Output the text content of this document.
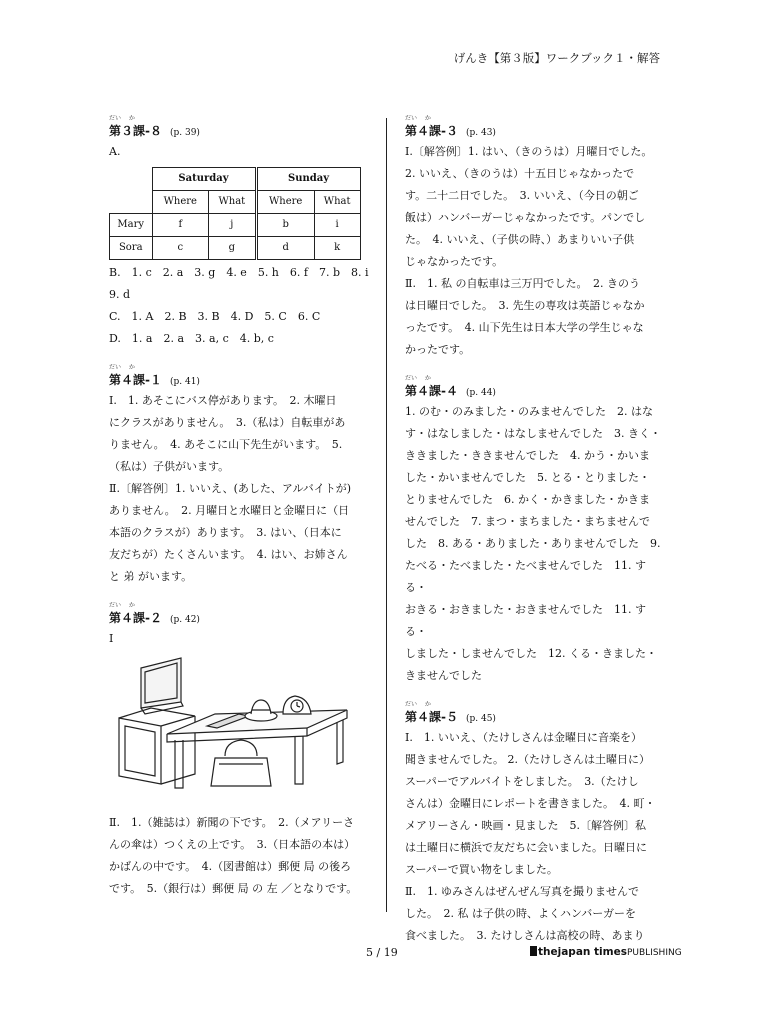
げんき【第３版】ワークブック１・解答
だい　 か
第３課-８ (p. 39)

A.

	Saturday		Sunday	
	Where	What	Where	What
Mary	f	j	b	i
Sora	c	g	d	k

B.　1. c　2. a　3. g　4. e　5. h　6. f　7. b　8. i　9. d

C.　1. A　2. B　3. B　4. D　5. C　6. C

D.　1. a　2. a　3. a, c　4. b, c

だい　 か
第４課-１ (p. 41)

Ⅰ.　1. あそこにバス停があります。　2. 木曜日

にクラスがありません。　3.（私は）自転車があ

りません。　4. あそこに山下先生がいます。　5.

（私は）子供がいます。

Ⅱ.〔解答例〕1. いいえ、(あした、アルバイトが)

ありません。　2. 月曜日と水曜日と金曜日に（日

本語のクラスが）あります。　3. はい、（日本に

友だちが）たくさんいます。　4. はい、お姉さん

と 弟 がいます。

だい　 か
第４課-２ (p. 42)

Ⅰ

Ⅱ.　1.（雑誌は）新聞の下です。　2.（メアリーさ

んの傘は）つくえの上です。　3.（日本語の本は）

かばんの中です。　4.（図書館は）郵便 局 の後ろ

です。　5.（銀行は）郵便 局 の 左 ／となりです。

だい　 か
第４課-３ (p. 43)

Ⅰ.〔解答例〕1. はい、（きのうは）月曜日でした。

2. いいえ、（きのうは）十五日じゃなかったで

す。二十二日でした。　3. いいえ、（今日の朝ご

飯は）ハンバーガーじゃなかったです。パンでし

た。　4. いいえ、（子供の時、）あまりいい子供

じゃなかったです。

Ⅱ.　1. 私 の自転車は三万円でした。　2. きのう

は日曜日でした。　3. 先生の専攻は英語じゃなか

ったです。　4. 山下先生は日本大学の学生じゃな

かったです。

だい　 か
第４課-４ (p. 44)

1. のむ・のみました・のみませんでした　2. はな

す・はなしました・はなしませんでした　3. きく・

ききました・ききませんでした　4. かう・かいま

した・かいませんでした　5. とる・とりました・

とりませんでした　6. かく・かきました・かきま

せんでした　7. まつ・まちました・まちませんで

した　8. ある・ありました・ありませんでした　9.

たべる・たべました・たべませんでした　11. する・

おきる・おきました・おきませんでした　11. する・

しました・しませんでした　12. くる・きました・

きませんでした

だい　 か
第４課-５ (p. 45)

Ⅰ.　1. いいえ、（たけしさんは金曜日に音楽を）

聞きませんでした。 2.（たけしさんは土曜日に）

スーパーでアルバイトをしました。　3.（たけし

さんは）金曜日にレポートを書きました。　4. 町・

メアリーさん・映画・見ました　5.〔解答例〕私

は土曜日に横浜で友だちに会いました。日曜日に

スーパーで買い物をしました。

Ⅱ.　1. ゆみさんはぜんぜん写真を撮りませんで

した。　2. 私 は子供の時、よくハンバーガーを

食べました。　3. たけしさんは高校の時、あまり

5 / 19	thejapan timesPUBLISHING
